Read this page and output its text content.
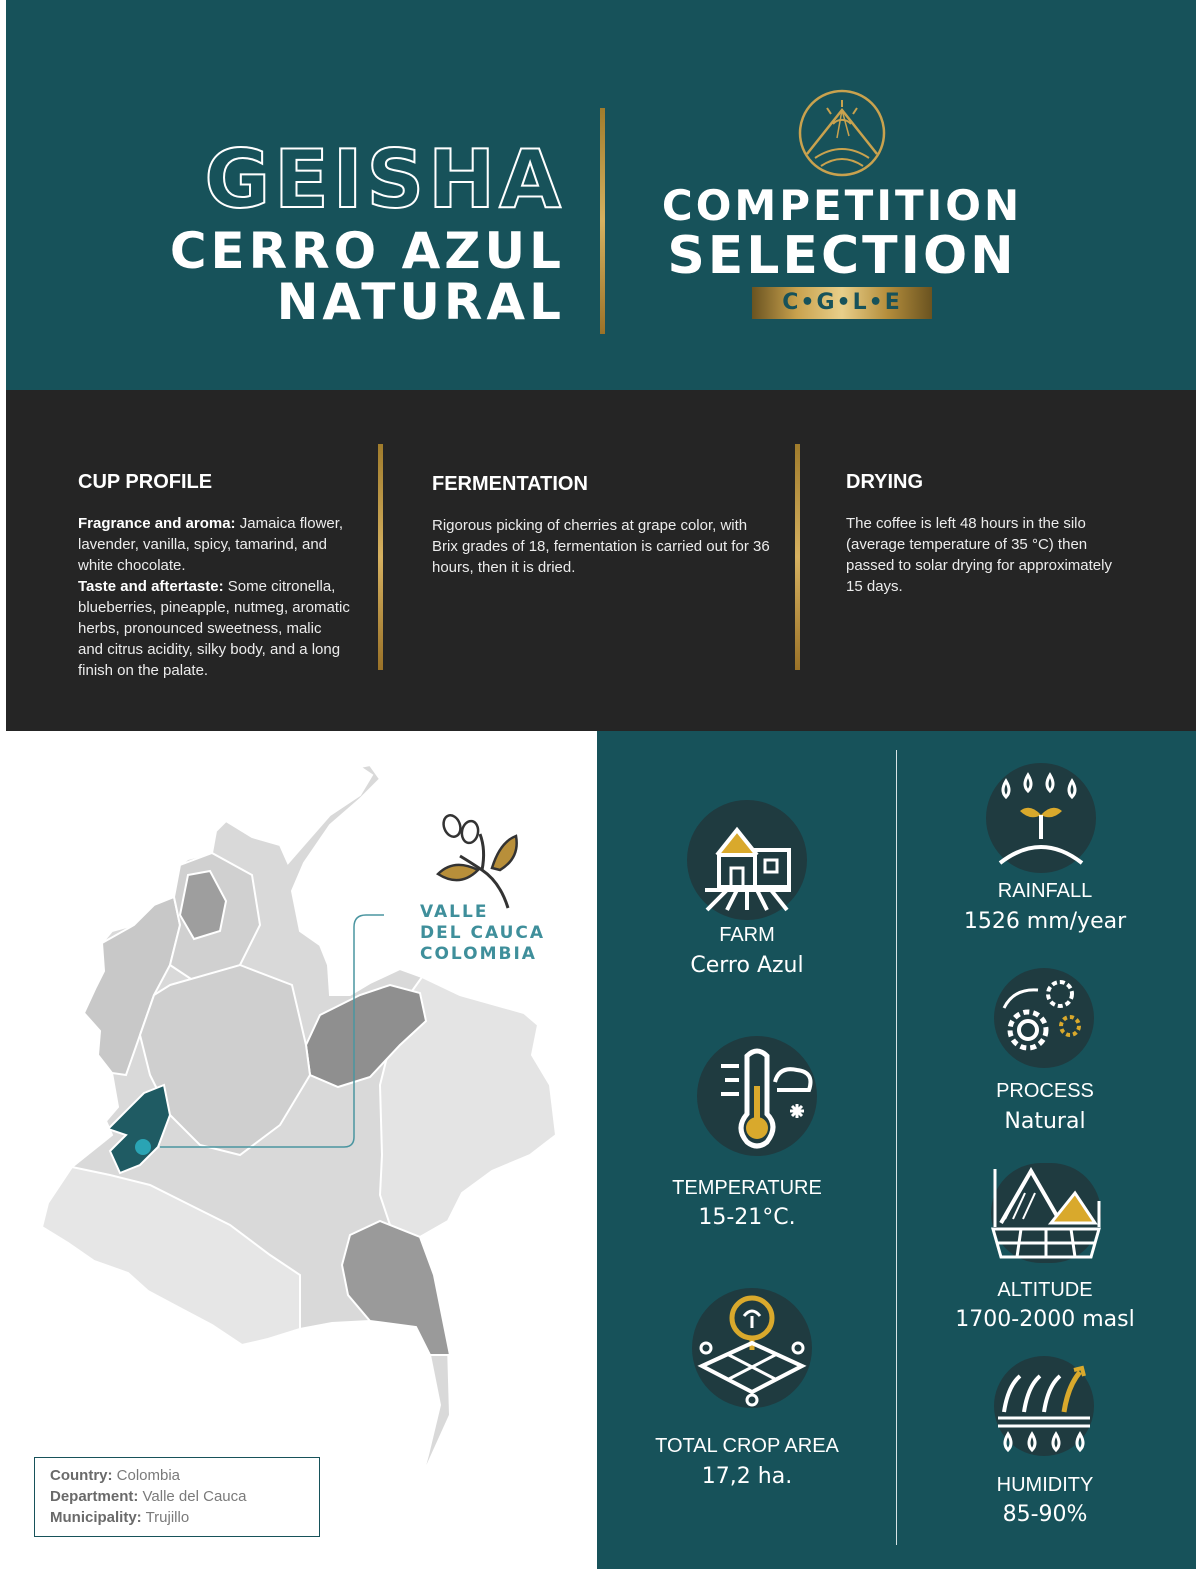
GEISHA
CERRO AZUL
NATURAL
COMPETITION
SELECTION
C•G•L•E
CUP PROFILE
Fragrance and aroma: Jamaica flower, lavender, vanilla, spicy, tamarind, and white chocolate.
Taste and aftertaste: Some citronella, blueberries, pineapple, nutmeg, aromatic herbs, pronounced sweetness, malic and citrus acidity, silky body, and a long finish on the palate.
FERMENTATION
Rigorous picking of cherries at grape color, with Brix grades of 18, fermentation is carried out for 36 hours, then it is dried.
DRYING
The coffee is left 48 hours in the silo (average temperature of 35 °C) then passed to solar drying for approximately 15 days.
VALLE
DEL CAUCA
COLOMBIA
Country: Colombia
Department: Valle del Cauca
Municipality: Trujillo
FARM
Cerro Azul
TEMPERATURE
15-21°C.
TOTAL CROP AREA
17,2 ha.
RAINFALL
1526 mm/year
PROCESS
Natural
ALTITUDE
1700-2000 masl
HUMIDITY
85-90%
